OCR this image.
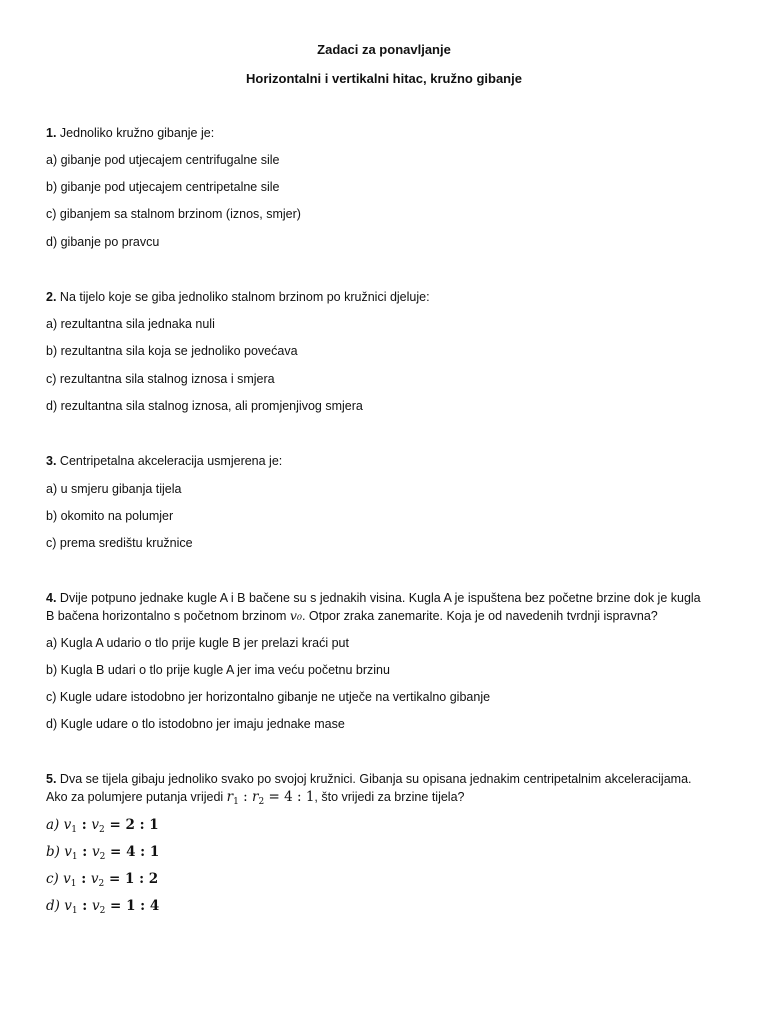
Zadaci za ponavljanje
Horizontalni i vertikalni hitac, kružno gibanje
1. Jednoliko kružno gibanje je:
a) gibanje pod utjecajem centrifugalne sile
b) gibanje pod utjecajem centripetalne sile
c) gibanjem sa stalnom brzinom (iznos, smjer)
d) gibanje po pravcu
2. Na tijelo koje se giba jednoliko stalnom brzinom po kružnici djeluje:
a) rezultantna sila jednaka nuli
b) rezultantna sila koja se jednoliko povećava
c) rezultantna sila stalnog iznosa i smjera
d) rezultantna sila stalnog iznosa, ali promjenjivog smjera
3. Centripetalna akceleracija usmjerena je:
a) u smjeru gibanja tijela
b) okomito na polumjer
c) prema središtu kružnice
4. Dvije potpuno jednake kugle A i B bačene su s jednakih visina. Kugla A je ispuštena bez početne brzine dok je kugla
B bačena horizontalno s početnom brzinom v₀. Otpor zraka zanemarite. Koja je od navedenih tvrdnji ispravna?
a) Kugla A udario o tlo prije kugle B jer prelazi kraći put
b) Kugla B udari o tlo prije kugle A jer ima veću početnu brzinu
c) Kugle udare istodobno jer horizontalno gibanje ne utječe na vertikalno gibanje
d) Kugle udare o tlo istodobno jer imaju jednake mase
5. Dva se tijela gibaju jednoliko svako po svojoj kružnici. Gibanja su opisana jednakim centripetalnim akceleracijama.
Ako za polumjere putanja vrijedi $r_1$ : $r_2 = 4$ : 1, što vrijedi za brzine tijela?
a) $v_1$ : $v_2 = 2$ : 1
b) $v_1$ : $v_2 = 4$ : 1
c) $v_1$ : $v_2 = 1$ : 2
d) $v_1$ : $v_2 = 1$ : 4
